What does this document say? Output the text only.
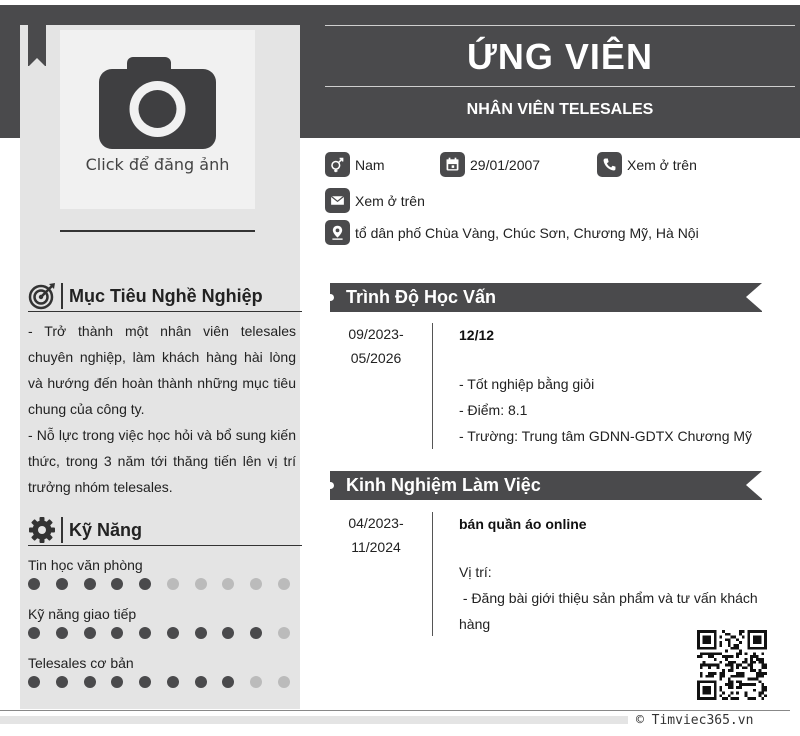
Click để đăng ảnh
ỨNG VIÊN
NHÂN VIÊN TELESALES
Nam	29/01/2007	Xem ở trên
Xem ở trên
tổ dân phố Chùa Vàng, Chúc Sơn, Chương Mỹ, Hà Nội
Mục Tiêu Nghề Nghiệp

- Trở thành một nhân viên telesales chuyên nghiệp, làm khách hàng hài lòng và hướng đến hoàn thành những mục tiêu chung của công ty.

- Nỗ lực trong việc học hỏi và bổ sung kiến thức, trong 3 năm tới thăng tiến lên vị trí trưởng nhóm telesales.

Kỹ Năng
Tin học văn phòng
Kỹ năng giao tiếp
Telesales cơ bản
Trình Độ Học Vấn
09/2023-
05/2026
12/12
- Tốt nghiệp bằng giỏi
- Điểm: 8.1
- Trường: Trung tâm GDNN-GDTX Chương Mỹ
Kinh Nghiệm Làm Việc
04/2023-
11/2024
bán quần áo online
Vị trí:
- Đăng bài giới thiệu sản phẩm và tư vấn khách hàng
© Timviec365.vn
